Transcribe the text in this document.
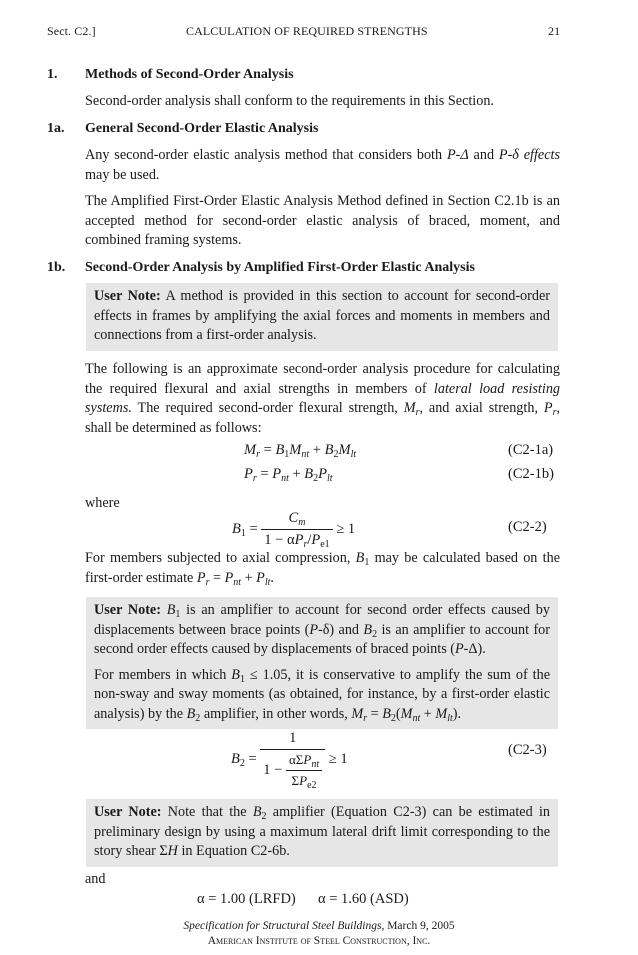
Sect. C2.]	CALCULATION OF REQUIRED STRENGTHS	21
1. Methods of Second-Order Analysis
Second-order analysis shall conform to the requirements in this Section.
1a. General Second-Order Elastic Analysis
Any second-order elastic analysis method that considers both P-Δ and P-δ effects may be used.
The Amplified First-Order Elastic Analysis Method defined in Section C2.1b is an accepted method for second-order elastic analysis of braced, moment, and combined framing systems.
1b. Second-Order Analysis by Amplified First-Order Elastic Analysis

User Note: A method is provided in this section to account for second-order effects in frames by amplifying the axial forces and moments in members and connections from a first-order analysis.

The following is an approximate second-order analysis procedure for calculating the required flexural and axial strengths in members of lateral load resisting systems. The required second-order flexural strength, $M_r$, and axial strength, $P_r$, shall be determined as follows:
$M_r = B_1M_{nt} + B_2M_{lt}$	(C2-1a)
$P_r = P_{nt} + B_2P_{lt}$	(C2-1b)
where
$B_1 = \frac{C_m}{1 - \alpha P_r/P_{e1}} \ge 1$	(C2-2)
For members subjected to axial compression, $B_1$ may be calculated based on the first-order estimate $P_r = P_{nt} + P_{lt}$.

User Note: $B_1$ is an amplifier to account for second order effects caused by displacements between brace points (P-δ) and $B_2$ is an amplifier to account for second order effects caused by displacements of braced points (P-Δ).

For members in which $B_1 \le 1.05$, it is conservative to amplify the sum of the non-sway and sway moments (as obtained, for instance, by a first-order elastic analysis) by the $B_2$ amplifier, in other words, $M_r = B_2(M_{nt} + M_{lt})$.

$B_2 = \frac{1}{1 - \frac{\alpha\Sigma P_{nt}}{\Sigma P_{e2}}} \ge 1$
(C2-3)

User Note: Note that the $B_2$ amplifier (Equation C2-3) can be estimated in preliminary design by using a maximum lateral drift limit corresponding to the story shear ΣH in Equation C2-6b.

and
α = 1.00 (LRFD) α = 1.60 (ASD)
Specification for Structural Steel Buildings, March 9, 2005
American Institute of Steel Construction, Inc.
